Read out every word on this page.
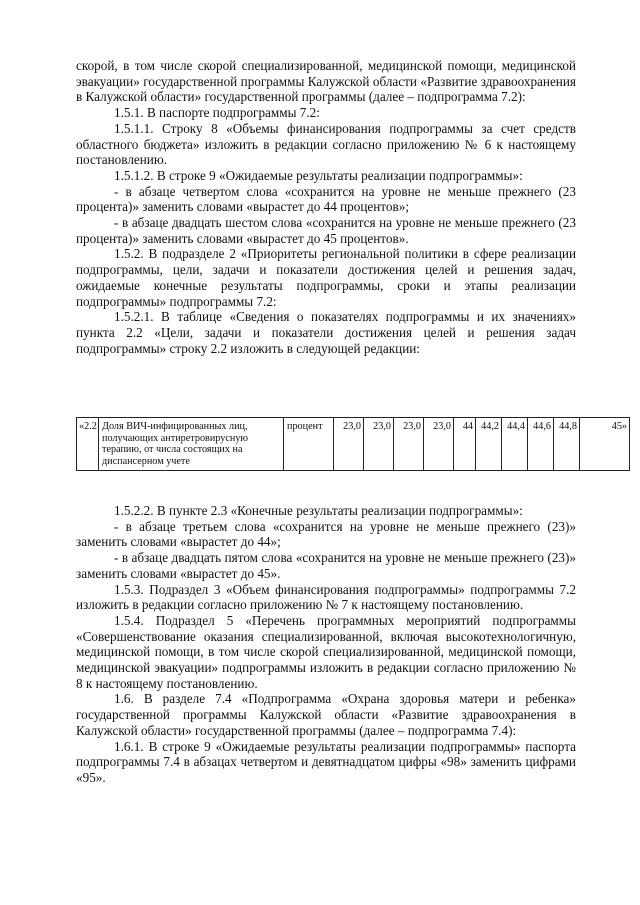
скорой, в том числе скорой специализированной, медицинской помощи, медицинской эвакуации» государственной программы Калужской области «Развитие здравоохранения в Калужской области» государственной программы (далее – подпрограмма 7.2):

1.5.1. В паспорте подпрограммы 7.2:

1.5.1.1. Строку 8 «Объемы финансирования подпрограммы за счет средств областного бюджета» изложить в редакции согласно приложению № 6 к настоящему постановлению.

1.5.1.2. В строке 9 «Ожидаемые результаты реализации подпрограммы»:

- в абзаце четвертом слова «сохранится на уровне не меньше прежнего (23 процента)» заменить словами «вырастет до 44 процентов»;

- в абзаце двадцать шестом слова «сохранится на уровне не меньше прежнего (23 процента)» заменить словами «вырастет до 45 процентов».

1.5.2. В подразделе 2 «Приоритеты региональной политики в сфере реализации подпрограммы, цели, задачи и показатели достижения целей и решения задач, ожидаемые конечные результаты подпрограммы, сроки и этапы реализации подпрограммы» подпрограммы 7.2:

1.5.2.1. В таблице «Сведения о показателях подпрограммы и их значениях» пункта 2.2 «Цели, задачи и показатели достижения целей и решения задач подпрограммы» строку 2.2 изложить в следующей редакции:

«2.2	Доля ВИЧ-инфицированных лиц, получающих антиретровирусную терапию, от числа состоящих на диспансерном учете	процент	23,0	23,0	23,0	23,0	44	44,2	44,4	44,6	44,8	45»

1.5.2.2. В пункте 2.3 «Конечные результаты реализации подпрограммы»:

- в абзаце третьем слова «сохранится на уровне не меньше прежнего (23)» заменить словами «вырастет до 44»;

- в абзаце двадцать пятом слова «сохранится на уровне не меньше прежнего (23)» заменить словами «вырастет до 45».

1.5.3. Подраздел 3 «Объем финансирования подпрограммы» подпрограммы 7.2 изложить в редакции согласно приложению № 7 к настоящему постановлению.

1.5.4. Подраздел 5 «Перечень программных мероприятий подпрограммы «Совершенствование оказания специализированной, включая высокотехнологичную, медицинской помощи, в том числе скорой специализированной, медицинской помощи, медицинской эвакуации» подпрограммы изложить в редакции согласно приложению № 8 к настоящему постановлению.

1.6. В разделе 7.4 «Подпрограмма «Охрана здоровья матери и ребенка» государственной программы Калужской области «Развитие здравоохранения в Калужской области» государственной программы (далее – подпрограмма 7.4):

1.6.1. В строке 9 «Ожидаемые результаты реализации подпрограммы» паспорта подпрограммы 7.4 в абзацах четвертом и девятнадцатом цифры «98» заменить цифрами «95».
